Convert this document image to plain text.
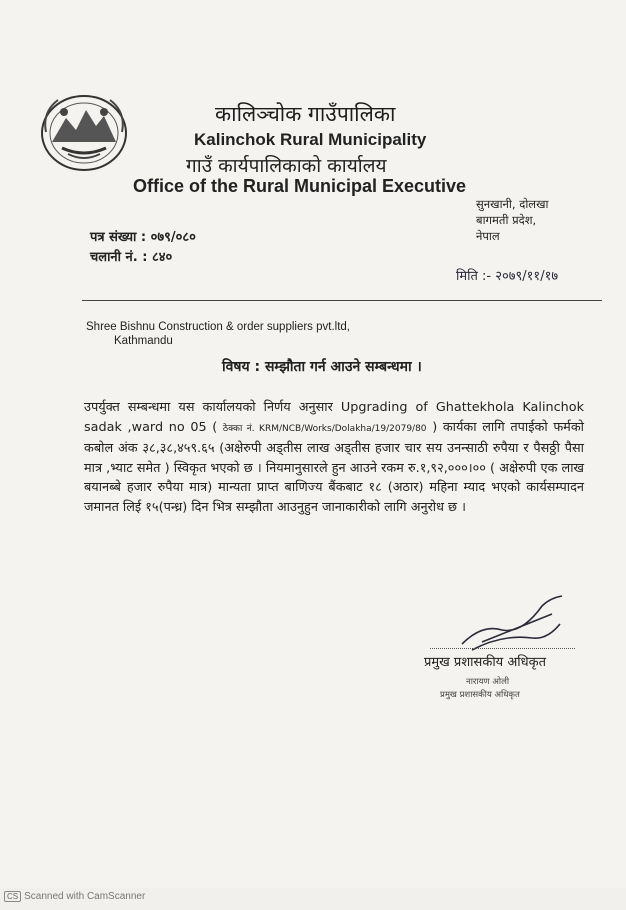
कालिञ्चोक गाउँपालिका
Kalinchok Rural Municipality
गाउँ कार्यपालिकाको कार्यालय
Office of the Rural Municipal Executive
सुनखानी, दोलखा
बागमती प्रदेश,
नेपाल
पत्र संख्या : ०७९/०८०
चलानी नं. : ८४०
मिति :- २०७९/११/१७
Shree Bishnu Construction & order suppliers pvt.ltd,
Kathmandu
विषय : सम्झौता गर्न आउने सम्बन्धमा ।
उपर्युक्त सम्बन्धमा यस कार्यालयको निर्णय अनुसार Upgrading of Ghattekhola Kalinchok sadak ,ward no 05 ( ठेक्का नं. KRM/NCB/Works/Dolakha/19/2079/80 ) कार्यका लागि तपाईको फर्मको कबोल अंक ३८,३८,४५९.६५ (अक्षेरुपी अड्तीस लाख अड्तीस हजार चार सय उनन्साठी रुपैया र पैसठ्ठी पैसा मात्र ,भ्याट समेत ) स्विकृत भएको छ । नियमानुसारले हुन आउने रकम रु.१,९२,०००।०० ( अक्षेरुपी एक लाख बयानब्बे हजार रुपैया मात्र) मान्यता प्राप्त बाणिज्य बैंकबाट १८ (अठार) महिना म्याद भएको कार्यसम्पादन जमानत लिई १५(पन्ध्र) दिन भित्र सम्झौता आउनुहुन जानाकारीको लागि अनुरोध छ ।
प्रमुख प्रशासकीय अधिकृत
नारायण ओली
प्रमुख प्रशासकीय अधिकृत
CS Scanned with CamScanner
